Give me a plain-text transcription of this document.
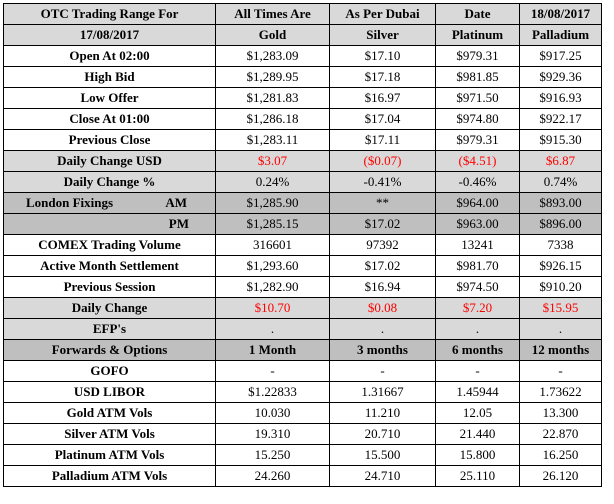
OTC Trading Range For	All Times Are	As Per Dubai	Date	18/08/2017
17/08/2017	Gold	Silver	Platinum	Palladium
Open At 02:00	$1,283.09	$17.10	$979.31	$917.25
High Bid	$1,289.95	$17.18	$981.85	$929.36
Low Offer	$1,281.83	$16.97	$971.50	$916.93
Close At 01:00	$1,286.18	$17.04	$974.80	$922.17
Previous Close	$1,283.11	$17.11	$979.31	$915.30
Daily Change USD	$3.07	($0.07)	($4.51)	$6.87
Daily Change %	0.24%	-0.41%	-0.46%	0.74%

London Fixings AM	$1,285.90	**	$964.00	$893.00

PM	$1,285.15	$17.02	$963.00	$896.00
COMEX Trading Volume	316601	97392	13241	7338
Active Month Settlement	$1,293.60	$17.02	$981.70	$926.15
Previous Session	$1,282.90	$16.94	$974.50	$910.20
Daily Change	$10.70	$0.08	$7.20	$15.95
EFP's	.	.	.	.
Forwards & Options	1 Month	3 months	6 months	12 months
GOFO	-	-	-	-
USD LIBOR	$1.22833	1.31667	1.45944	1.73622
Gold ATM Vols	10.030	11.210	12.05	13.300
Silver ATM Vols	19.310	20.710	21.440	22.870
Platinum ATM Vols	15.250	15.500	15.800	16.250
Palladium ATM Vols	24.260	24.710	25.110	26.120
